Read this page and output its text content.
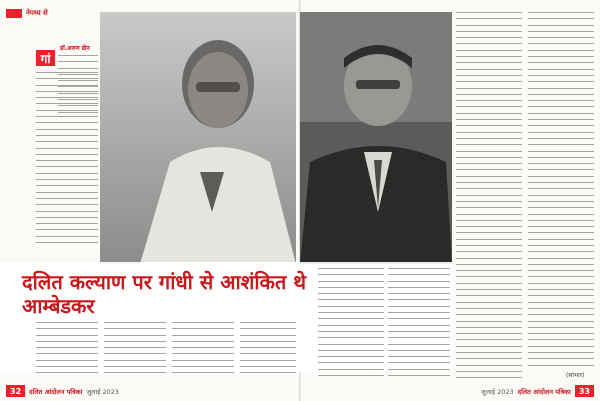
नेपथ्य से
डॉ.अरुण डीन
गां
दलित कल्याण पर गांधी से आशंकित थे आम्बेडकर
(साभार)
32	दलित आंदोलन पत्रिका जुलाई 2023	जुलाई 2023 दलित आंदोलन पत्रिका	33
